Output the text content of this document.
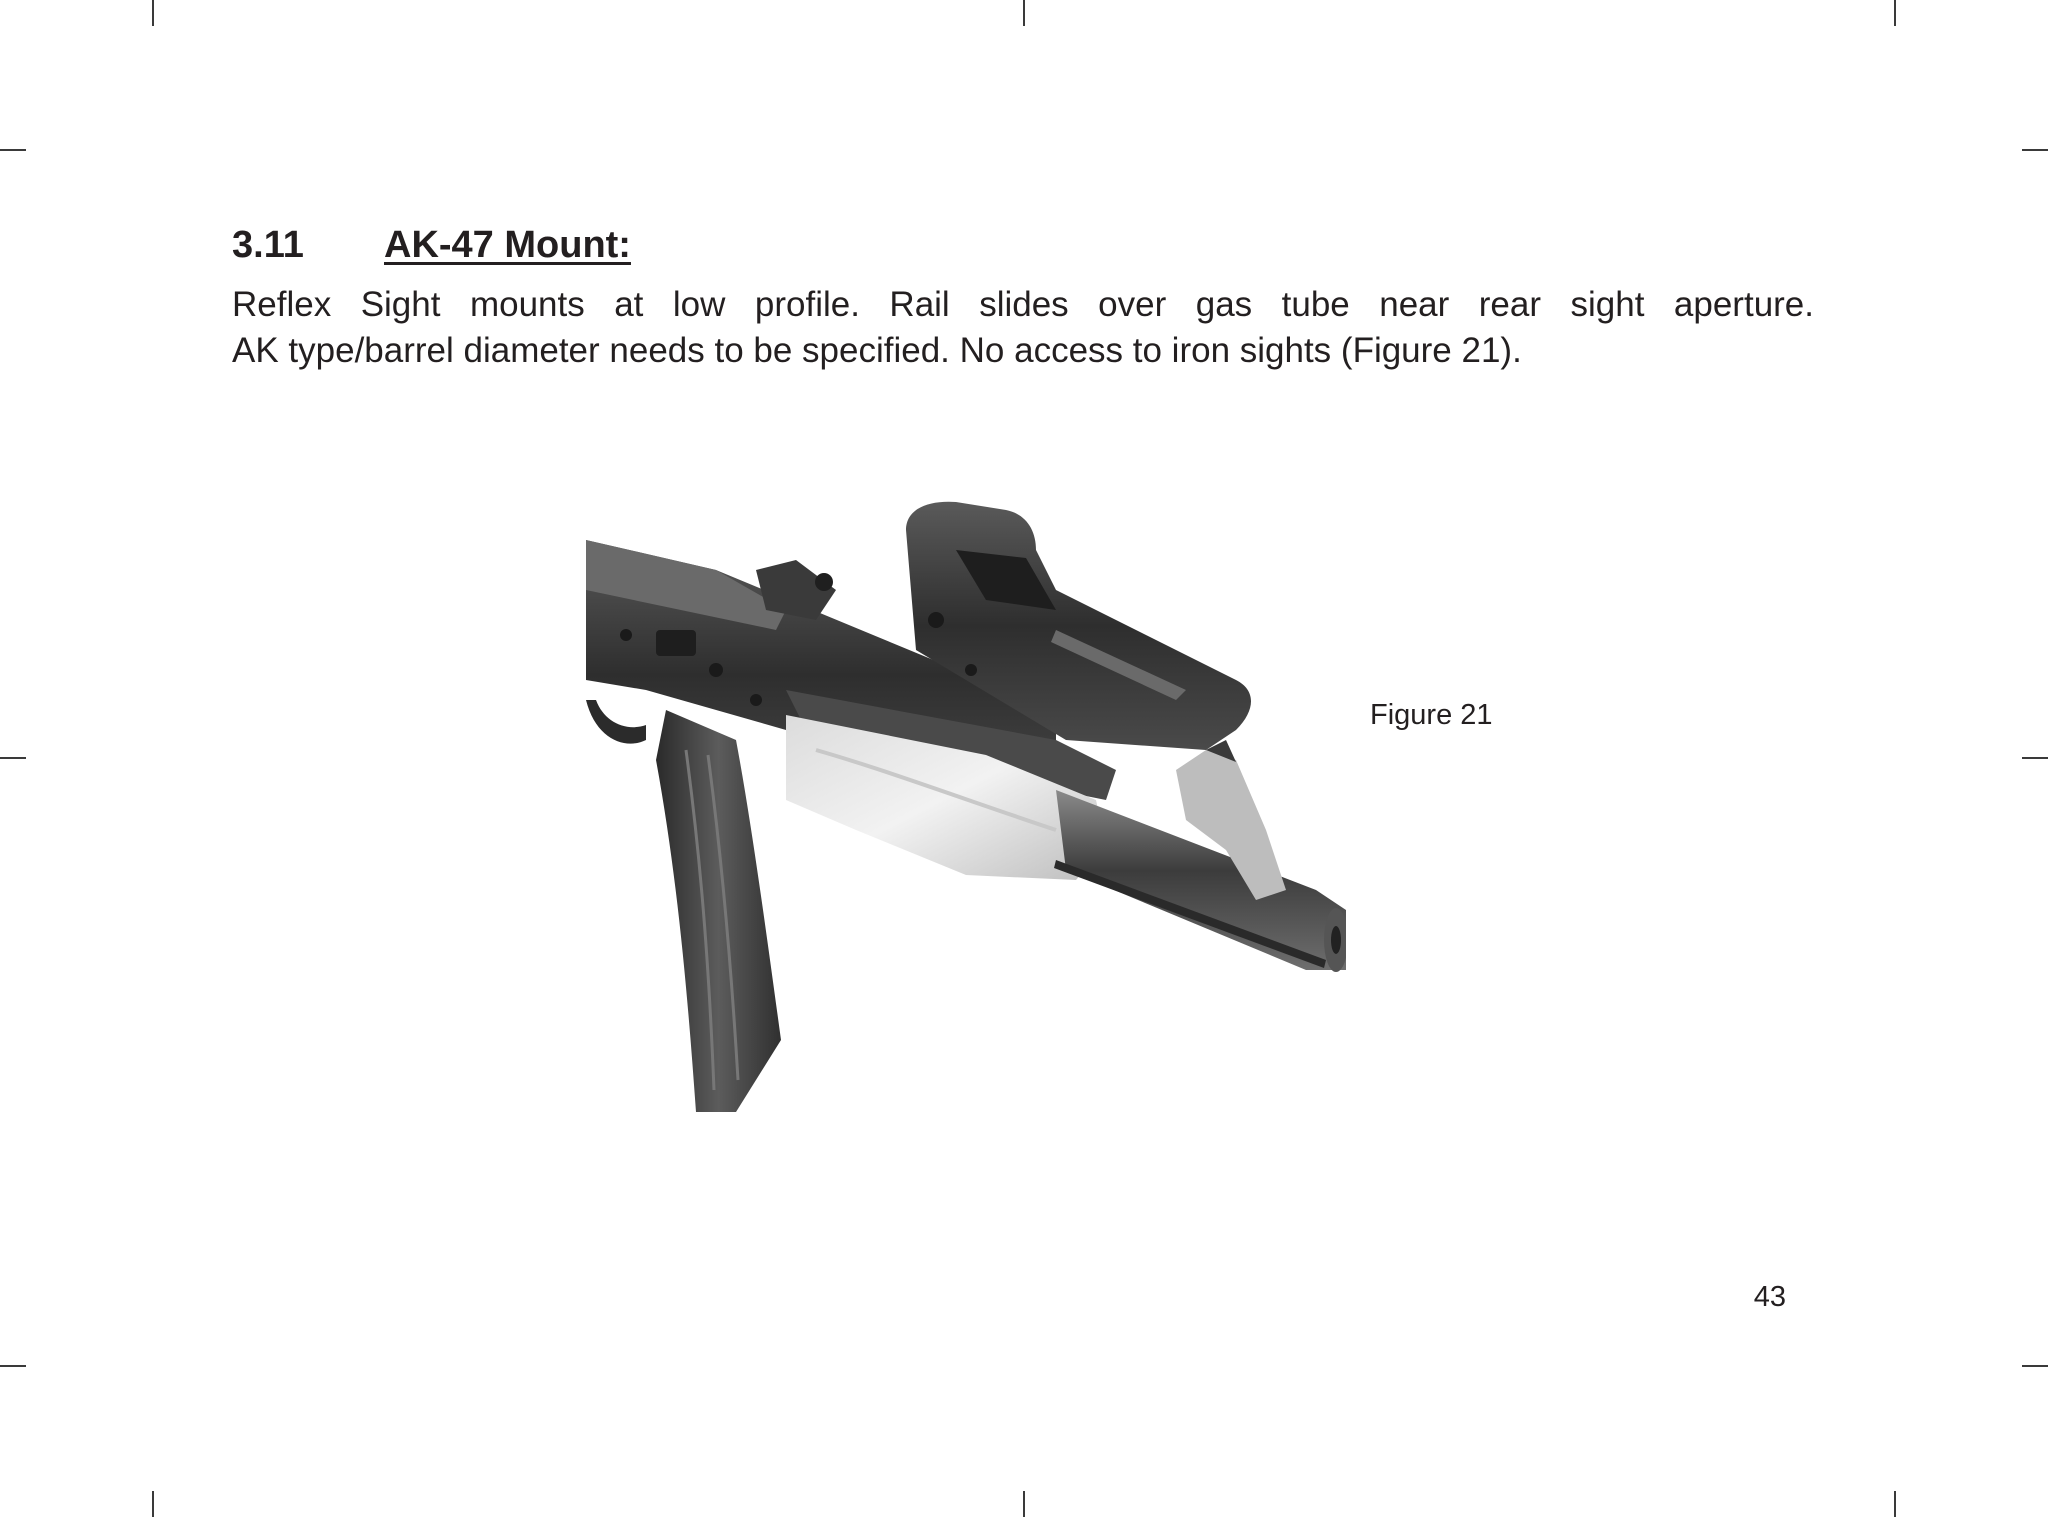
3.11 AK-47 Mount:

Reflex Sight mounts at low profile. Rail slides over gas tube near rear sight aperture.
AK type/barrel diameter needs to be specified. No access to iron sights (Figure 21).

Figure 21
43
